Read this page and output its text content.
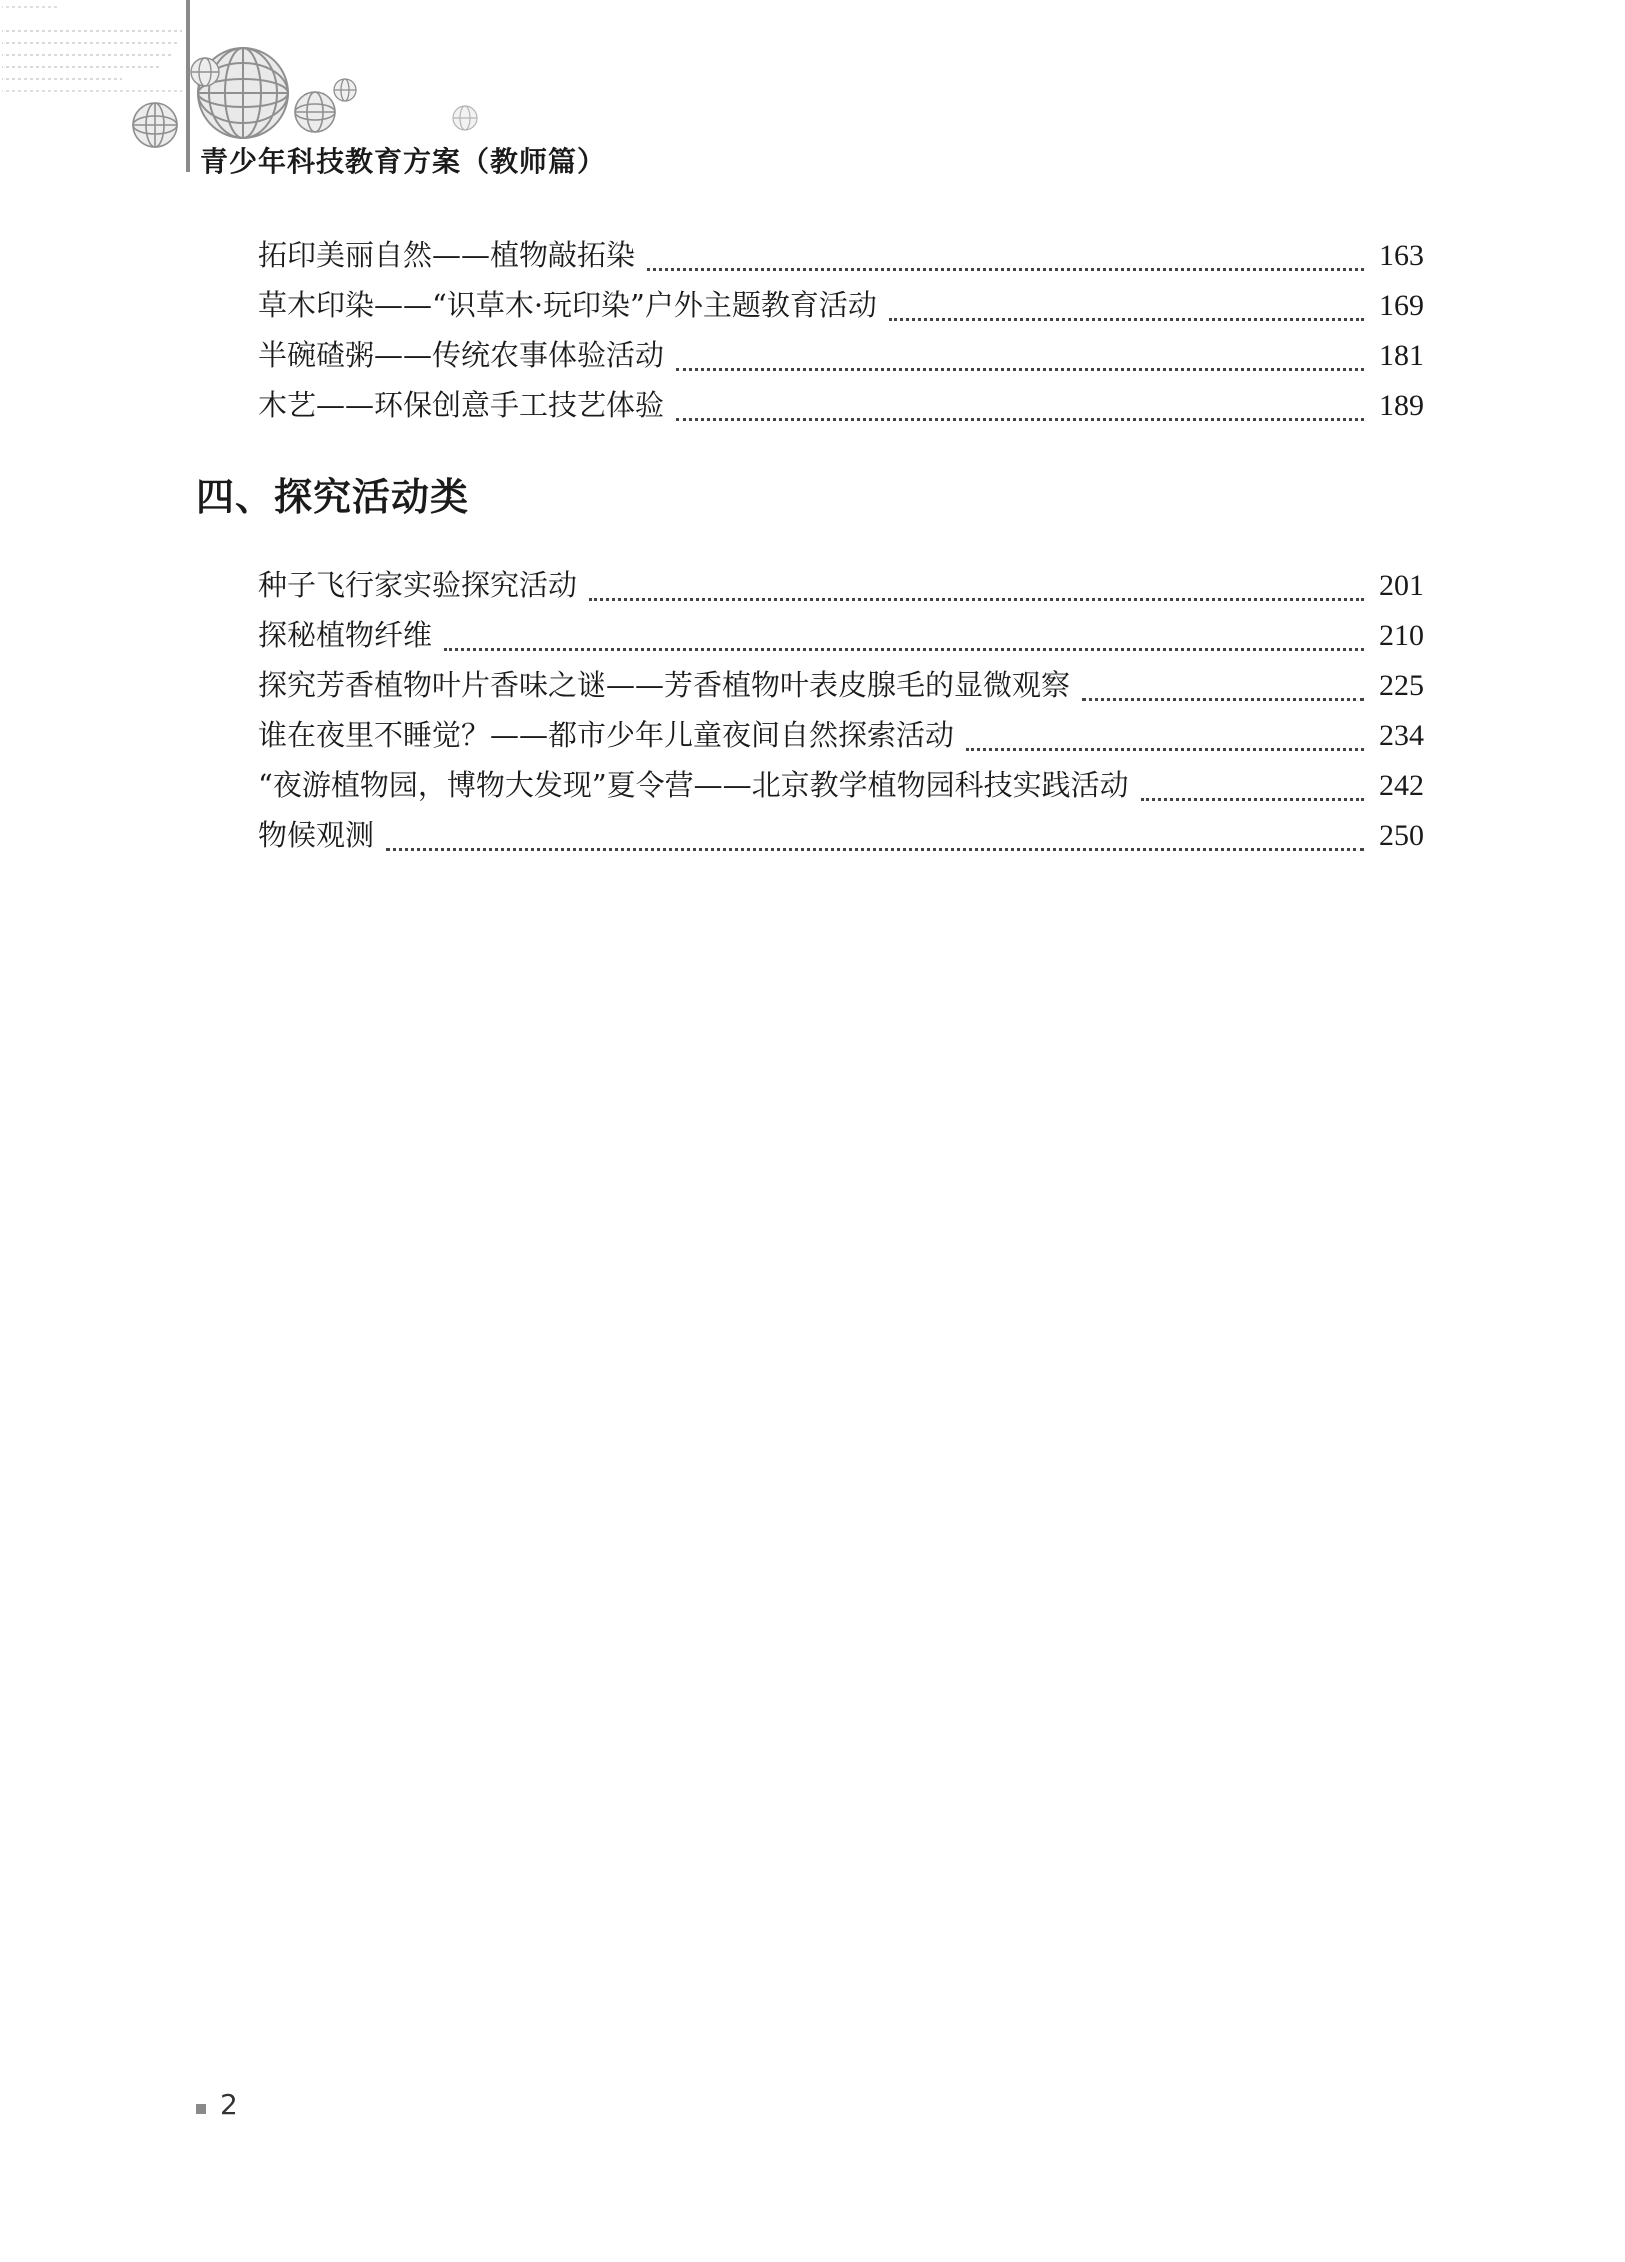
青少年科技教育方案（教师篇）
拓印美丽自然——植物敲拓染	163
草木印染——“识草木·玩印染”户外主题教育活动	169
半碗碴粥——传统农事体验活动	181
木艺——环保创意手工技艺体验	189
四、探究活动类
种子飞行家实验探究活动	201
探秘植物纤维	210
探究芳香植物叶片香味之谜——芳香植物叶表皮腺毛的显微观察	225
谁在夜里不睡觉？——都市少年儿童夜间自然探索活动	234
“夜游植物园，博物大发现”夏令营——北京教学植物园科技实践活动	242
物候观测	250
2
